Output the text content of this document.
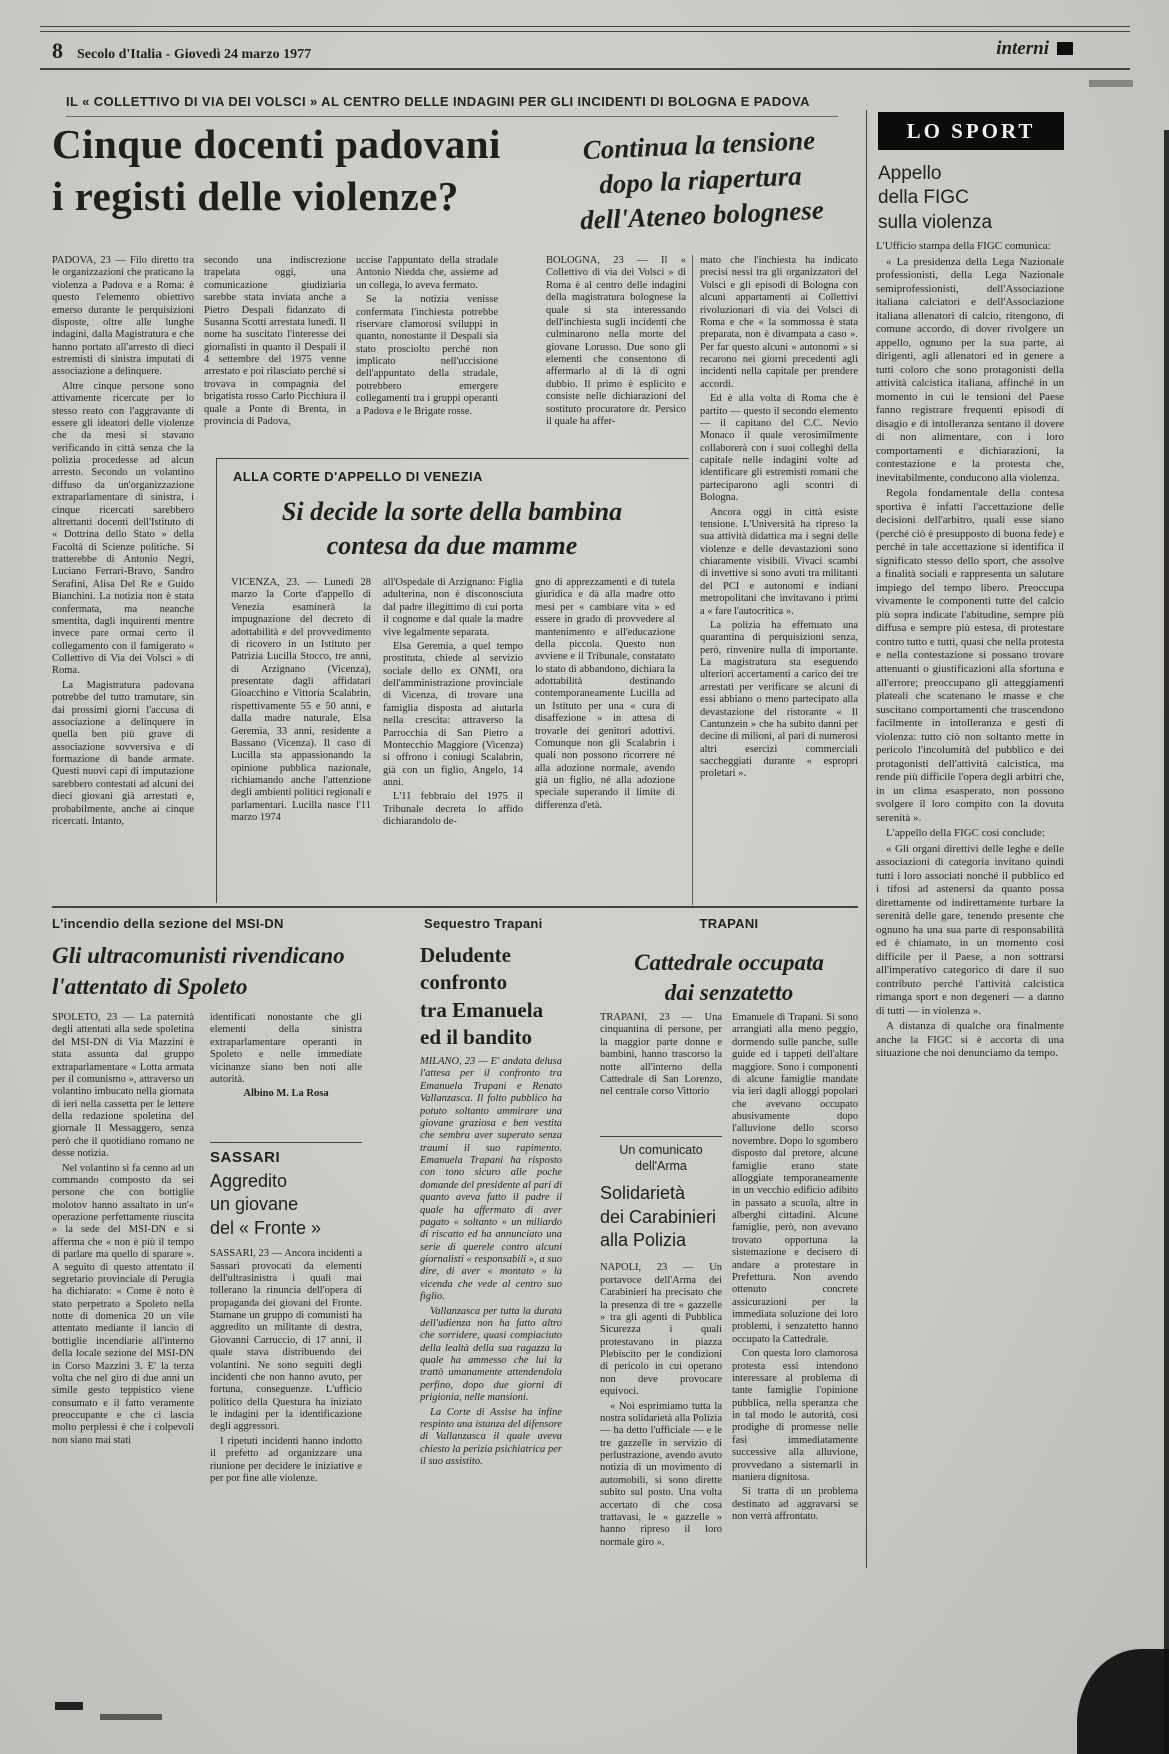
8 Secolo d'Italia - Giovedì 24 marzo 1977	interni
IL « COLLETTIVO DI VIA DEI VOLSCI » AL CENTRO DELLE INDAGINI PER GLI INCIDENTI DI BOLOGNA E PADOVA
Cinque docenti padovani
i registi delle violenze?
Continua la tensione
dopo la riapertura
dell'Ateneo bolognese

PADOVA, 23 — Filo diretto tra le organizzazioni che praticano la violenza a Padova e a Roma: è questo l'elemento obiettivo emerso durante le perquisizioni disposte, oltre alle lunghe indagini, dalla Magistratura e che hanno portato all'arresto di dieci estremisti di sinistra imputati di associazione a delinquere.

Altre cinque persone sono attivamente ricercate per lo stesso reato con l'aggravante di essere gli ideatori delle violenze che da mesi si stavano verificando in città senza che la polizia procedesse ad alcun arresto. Secondo un volantino diffuso da un'organizzazione extraparlamentare di sinistra, i cinque ricercati sarebbero altrettanti docenti dell'Istituto di « Dottrina dello Stato » della Facoltà di Scienze politiche. Si tratterebbe di Antonio Negri, Luciano Ferrari-Bravo, Sandro Serafini, Alisa Del Re e Guido Bianchini. La notizia non è stata confermata, ma neanche smentita, dagli inquirenti mentre invece pare ormai certo il collegamento con il famigerato « Collettivo di Via dei Volsci » di Roma.

La Magistratura padovana potrebbe del tutto tramutare, sin dai prossimi giorni l'accusa di associazione a delinquere in quella ben più grave di associazione sovversiva e di formazione di bande armate. Questi nuovi capi di imputazione sarebbero contestati ad alcuni dei dieci giovani già arrestati e, probabilmente, anche ai cinque ricercati. Intanto,

secondo una indiscrezione trapelata oggi, una comunicazione giudiziaria sarebbe stata inviata anche a Pietro Despali fidanzato di Susanna Scotti arrestata lunedì. Il nome ha suscitato l'interesse dei giornalisti in quanto il Despali il 4 settembre del 1975 venne arrestato e poi rilasciato perché si trovava in compagnia del brigatista rosso Carlo Picchiura il quale a Ponte di Brenta, in provincia di Padova,

uccise l'appuntato della stradale Antonio Niedda che, assieme ad un collega, lo aveva fermato.

Se la notizia venisse confermata l'inchiesta potrebbe riservare clamorosi sviluppi in quanto, nonostante il Despali sia stato prosciolto perché non implicato nell'uccisione dell'appuntato della stradale, potrebbero emergere collegamenti tra i gruppi operanti a Padova e le Brigate rosse.

BOLOGNA, 23 — Il « Collettivo di via dei Volsci » di Roma è al centro delle indagini della magistratura bolognese la quale si sta interessando dell'inchiesta sugli incidenti che culminarono nella morte del giovane Lorusso. Due sono gli elementi che consentono di affermarlo al di là di ogni dubbio. Il primo è esplicito e consiste nelle dichiarazioni del sostituto procuratore dr. Persico il quale ha affer-

mato che l'inchiesta ha indicato precisi nessi tra gli organizzatori del Volsci e gli episodi di Bologna con alcuni appartamenti ai Collettivi rivoluzionari di via dei Volsci di Roma e che « la sommossa è stata preparata, non è divampata a caso ». Per far questo alcuni « autonomi » si recarono nei giorni precedenti agli incidenti nella capitale per prendere accordi.

Ed è alla volta di Roma che è partito — questo il secondo elemento — il capitano del C.C. Nevio Monaco il quale verosimilmente collaborerà con i suoi colleghi della capitale nelle indagini volte ad identificare gli estremisti romani che parteciparono agli scontri di Bologna.

Ancora oggi in città esiste tensione. L'Università ha ripreso la sua attività didattica ma i segni delle violenze e delle devastazioni sono chiaramente visibili. Vivaci scambi di invettive si sono avuti tra militanti del PCI e autonomi e indiani metropolitani che invitavano i primi a « fare l'autocritica ».

La polizia ha effettuato una quarantina di perquisizioni senza, però, rinvenire nulla di importante. La magistratura sta eseguendo ulteriori accertamenti a carico dei tre arrestati per verificare se alcuni di essi abbiano o meno partecipato alla devastazione del ristorante « Il Cantunzein » che ha subito danni per decine di milioni, al pari di numerosi altri esercizi commerciali saccheggiati durante « espropri proletari ».

ALLA CORTE D'APPELLO DI VENEZIA
Si decide la sorte della bambina
contesa da due mamme

VICENZA, 23. — Lunedì 28 marzo la Corte d'appello di Venezia esaminerà la impugnazione del decreto di adottabilità e del provvedimento di ricovero in un Istituto per Patrizia Lucilla Stocco, tre anni, di Arzignano (Vicenza), presentate dagli affidatari Gioacchino e Vittoria Scalabrin, rispettivamente 55 e 50 anni, e dalla madre naturale, Elsa Geremia, 33 anni, residente a Bassano (Vicenza). Il caso di Lucilla sta appassionando la opinione pubblica nazionale, richiamando anche l'attenzione degli ambienti politici regionali e parlamentari. Lucilla nasce l'11 marzo 1974

all'Ospedale di Arzignano: Figlia adulterina, non è disconosciuta dal padre illegittimo di cui porta il cognome e dal quale la madre vive legalmente separata.

Elsa Geremia, a quel tempo prostituta, chiede al servizio sociale dello ex ONMI, ora dell'amministrazione provinciale di Vicenza, di trovare una famiglia disposta ad aiutarla nella crescita: attraverso la Parrocchia di San Pietro a Montecchio Maggiore (Vicenza) si offrono i coniugi Scalabrin, già con un figlio, Angelo, 14 anni.

L'11 febbraio del 1975 il Tribunale decreta lo affido dichiarandolo de-

gno di apprezzamenti e di tutela giuridica e dà alla madre otto mesi per « cambiare vita » ed essere in grado di provvedere al mantenimento e all'educazione della piccola. Questo non avviene e il Tribunale, constatato lo stato di abbandono, dichiara la adottabilità destinando contemporaneamente Lucilla ad un Istituto per una « cura di disaffezione » in attesa di trovarle dei genitori adottivi. Comunque non gli Scalabrin i quali non possono ricorrere né alla adozione normale, avendo già un figlio, né alla adozione speciale superando il limite di differenza d'età.

L'incendio della sezione del MSI-DN
Gli ultracomunisti rivendicano
l'attentato di Spoleto

SPOLETO, 23 — La paternità degli attentati alla sede spoletina del MSI-DN di Via Mazzini è stata assunta dal gruppo extraparlamentare « Lotta armata per il comunismo », attraverso un volantino imbucato nella giornata di ieri nella cassetta per le lettere della redazione spoletina del giornale Il Messaggero, senza però che il quotidiano romano ne desse notizia.

Nel volantino si fa cenno ad un commando composto da sei persone che con bottiglie molotov hanno assaltato in un'« operazione perfettamente riuscita » la sede del MSI-DN e si afferma che « non è più il tempo di parlare ma quello di sparare ». A seguito di questo attentato il segretario provinciale di Perugia ha dichiarato: « Come è noto è stato perpetrato a Spoleto nella notte di domenica 20 un vile attentato mediante il lancio di bottiglie incendiarie all'interno della locale sezione del MSI-DN in Corso Mazzini 3. E' la terza volta che nel giro di due anni un simile gesto teppistico viene consumato e il fatto veramente preoccupante e che ci lascia molto perplessi è che i colpevoli non siano mai stati

identificati nonostante che gli elementi della sinistra extraparlamentare operanti in Spoleto e nelle immediate vicinanze siano ben noti alle autorità.

Albino M. La Rosa

SASSARI
Aggredito
un giovane
del « Fronte »

SASSARI, 23 — Ancora incidenti a Sassari provocati da elementi dell'ultrasinistra i quali mai tollerano la rinuncia dell'opera di propaganda dei giovani del Fronte. Stamane un gruppo di comunisti ha aggredito un militante di destra, Giovanni Carruccio, di 17 anni, il quale stava distribuendo dei volantini. Ne sono seguiti degli incidenti che non hanno avuto, per fortuna, conseguenze. L'ufficio politico della Questura ha iniziato le indagini per la identificazione degli aggressori.

I ripetuti incidenti hanno indotto il prefetto ad organizzare una riunione per decidere le iniziative e per por fine alle violenze.

Sequestro Trapani
Deludente
confronto
tra Emanuela
ed il bandito

MILANO, 23 — E' andata delusa l'attesa per il confronto tra Emanuela Trapani e Renato Vallanzasca. Il folto pubblico ha potuto soltanto ammirare una giovane graziosa e ben vestita che sembra aver superato senza traumi il suo rapimento. Emanuela Trapani ha risposto con tono sicuro alle poche domande del presidente al pari di quanto aveva fatto il padre il quale ha affermato di aver pagato « soltanto » un miliardo di riscatto ed ha annunciato una serie di querele contro alcuni giornalisti « responsabili », a suo dire, di aver « montato » la vicenda che vede al centro suo figlio.

Vallanzasca per tutta la durata dell'udienza non ha fatto altro che sorridere, quasi compiaciuto della lealtà della sua ragazza la quale ha ammesso che lui la trattò umanamente attendendola perfino, dopo due giorni di prigionia, nelle mansioni.

La Corte di Assise ha infine respinto una istanza del difensore di Vallanzasca il quale aveva chiesto la perizia psichiatrica per il suo assistito.

TRAPANI
Cattedrale occupata
dai senzatetto

TRAPANI, 23 — Una cinquantina di persone, per la maggior parte donne e bambini, hanno trascorso la notte all'interno della Cattedrale di San Lorenzo, nel centrale corso Vittorio

Emanuele di Trapani. Si sono arrangiati alla meno peggio, dormendo sulle panche, sulle guide ed i tappeti dell'altare maggiore. Sono i componenti di alcune famiglie mandate via ieri dagli alloggi popolari che avevano occupato abusivamente dopo l'alluvione dello scorso novembre. Dopo lo sgombero disposto dal pretore, alcune famiglie erano state alloggiate temporaneamente in un vecchio edificio adibito in passato a scuola, altre in alberghi cittadini. Alcune famiglie, però, non avevano trovato opportuna la sistemazione e decisero di andare a protestare in Prefettura. Non avendo ottenuto concrete assicurazioni per la immediata soluzione dei loro problemi, i senzatetto hanno occupato la Cattedrale.

Con questa loro clamorosa protesta essi intendono interessare al problema di tante famiglie l'opinione pubblica, nella speranza che in tal modo le autorità, così prodighe di promesse nelle fasi immediatamente successive alla alluvione, provvedano a sistemarli in maniera dignitosa.

Si tratta di un problema destinato ad aggravarsi se non verrà affrontato.

Un comunicato dell'Arma
Solidarietà
dei Carabinieri
alla Polizia

NAPOLI, 23 — Un portavoce dell'Arma dei Carabinieri ha precisato che la presenza di tre « gazzelle » tra gli agenti di Pubblica Sicurezza i quali protestavano in piazza Plebiscito per le condizioni di pericolo in cui operano non deve provocare equivoci.

« Noi esprimiamo tutta la nostra solidarietà alla Polizia — ha detto l'ufficiale — e le tre gazzelle in servizio di perlustrazione, avendo avuto notizia di un movimento di automobili, si sono dirette subito sul posto. Una volta accertato di che cosa trattavasi, le « gazzelle » hanno ripreso il loro normale giro ».

LO SPORT
Appello
della FIGC
sulla violenza

L'Ufficio stampa della FIGC comunica:

« La presidenza della Lega Nazionale professionisti, della Lega Nazionale semiprofessionisti, dell'Associazione italiana calciatori e dell'Associazione italiana allenatori di calcio, ritengono, di comune accordo, di dover rivolgere un appello, ognuno per la sua parte, ai dirigenti, agli allenatori ed in genere a tutti coloro che sono protagonisti della attività calcistica italiana, affinché in un momento in cui le tensioni del Paese fanno registrare frequenti episodi di disagio e di intolleranza sentano il dovere di non alimentare, con i loro comportamenti e dichiarazioni, la contestazione e la protesta che, inevitabilmente, conducono alla violenza.

Regola fondamentale della contesa sportiva è infatti l'accettazione delle decisioni dell'arbitro, quali esse siano (perché ciò è presupposto di buona fede) e perché in tale accettazione si identifica il significato stesso dello sport, che assolve a finalità sociali e rappresenta un salutare impiego del tempo libero. Preoccupa vivamente le componenti tutte del calcio più sopra indicate l'abitudine, sempre più diffusa e sempre più estesa, di protestare contro tutto e tutti, quasi che nella protesta e nella contestazione si possano trovare attenuanti o giustificazioni alla sfortuna e all'errore; preoccupano gli atteggiamenti plateali che scatenano le masse e che suscitano comportamenti che trascendono facilmente in intolleranza e gesti di violenza: tutto ciò non soltanto mette in pericolo l'incolumità del pubblico e dei protagonisti dell'attività calcistica, ma rende più difficile l'opera degli arbitri che, in un clima esasperato, non possono svolgere il loro compito con la dovuta serenità ».

L'appello della FIGC così conclude:

« Gli organi direttivi delle leghe e delle associazioni di categoria invitano quindi tutti i loro associati nonché il pubblico ed i tifosi ad astenersi da quanto possa direttamente od indirettamente turbare la serenità delle gare, tenendo presente che ognuno ha una sua parte di responsabilità ed è chiamato, in un momento così difficile per il Paese, a non sottrarsi all'imperativo categorico di dare il suo contributo perché l'attività calcistica rimanga sport e non degeneri — a danno di tutti — in violenza ».

A distanza di qualche ora finalmente anche la FIGC si è accorta di una situazione che noi denunciamo da tempo.
